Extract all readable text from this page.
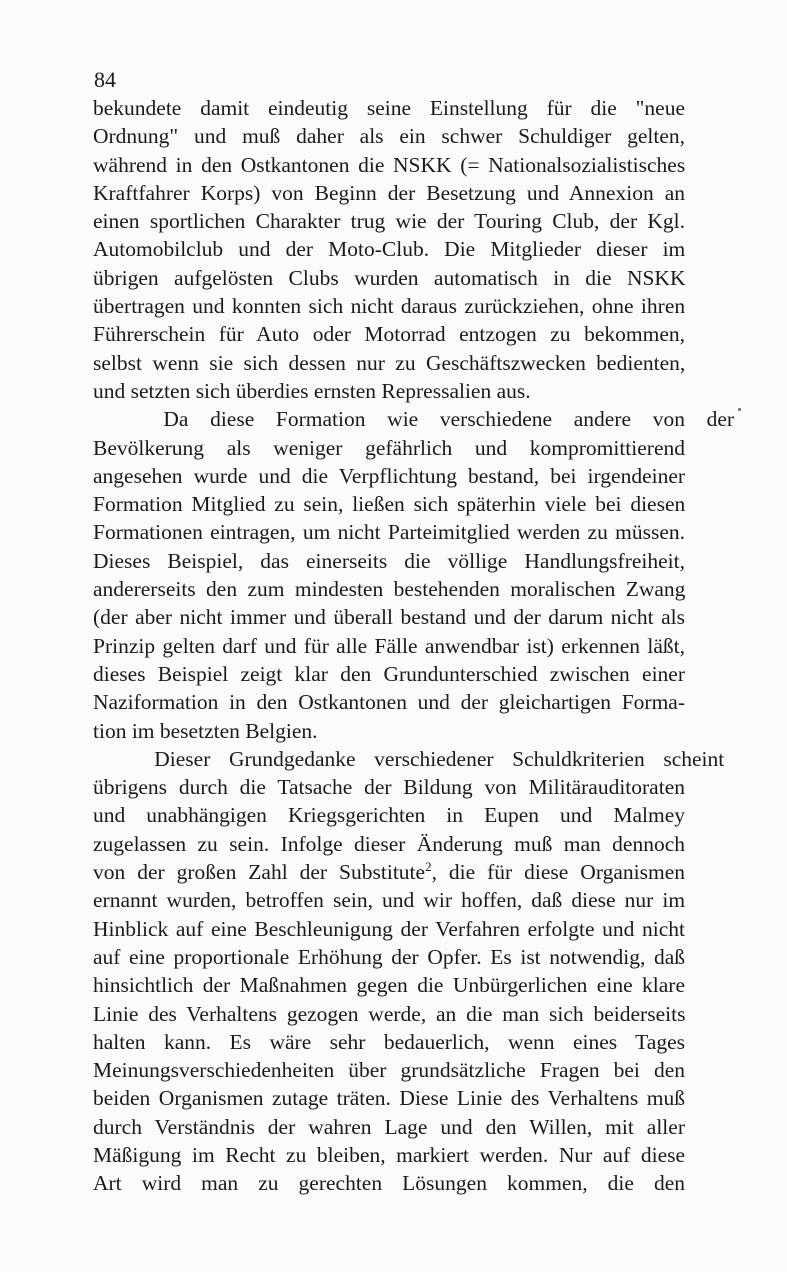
84

bekundete damit eindeutig seine Einstellung für die "neue
Ordnung" und muß daher als ein schwer Schuldiger gelten,
während in den Ostkantonen die NSKK (= Nationalsozialistisches
Kraftfahrer Korps) von Beginn der Besetzung und Annexion an
einen sportlichen Charakter trug wie der Touring Club, der Kgl.
Automobilclub und der Moto-Club. Die Mitglieder dieser im
übrigen aufgelösten Clubs wurden automatisch in die NSKK
übertragen und konnten sich nicht daraus zurückziehen, ohne ihren
Führerschein für Auto oder Motorrad entzogen zu bekommen,
selbst wenn sie sich dessen nur zu Geschäftszwecken bedienten,
und setzten sich überdies ernsten Repressalien aus.
Da diese Formation wie verschiedene andere von der
Bevölkerung als weniger gefährlich und kompromittierend
angesehen wurde und die Verpflichtung bestand, bei irgendeiner
Formation Mitglied zu sein, ließen sich späterhin viele bei diesen
Formationen eintragen, um nicht Parteimitglied werden zu müssen.
Dieses Beispiel, das einerseits die völlige Handlungsfreiheit,
andererseits den zum mindesten bestehenden moralischen Zwang
(der aber nicht immer und überall bestand und der darum nicht als
Prinzip gelten darf und für alle Fälle anwendbar ist) erkennen läßt,
dieses Beispiel zeigt klar den Grundunterschied zwischen einer
Naziformation in den Ostkantonen und der gleichartigen Forma-
tion im besetzten Belgien.
Dieser Grundgedanke verschiedener Schuldkriterien scheint
übrigens durch die Tatsache der Bildung von Militärauditoraten
und unabhängigen Kriegsgerichten in Eupen und Malmey
zugelassen zu sein. Infolge dieser Änderung muß man dennoch
von der großen Zahl der Substitute$^2$, die für diese Organismen
ernannt wurden, betroffen sein, und wir hoffen, daß diese nur im
Hinblick auf eine Beschleunigung der Verfahren erfolgte und nicht
auf eine proportionale Erhöhung der Opfer. Es ist notwendig, daß
hinsichtlich der Maßnahmen gegen die Unbürgerlichen eine klare
Linie des Verhaltens gezogen werde, an die man sich beiderseits
halten kann. Es wäre sehr bedauerlich, wenn eines Tages
Meinungsverschiedenheiten über grundsätzliche Fragen bei den
beiden Organismen zutage träten. Diese Linie des Verhaltens muß
durch Verständnis der wahren Lage und den Willen, mit aller
Mäßigung im Recht zu bleiben, markiert werden. Nur auf diese
Art wird man zu gerechten Lösungen kommen, die den
